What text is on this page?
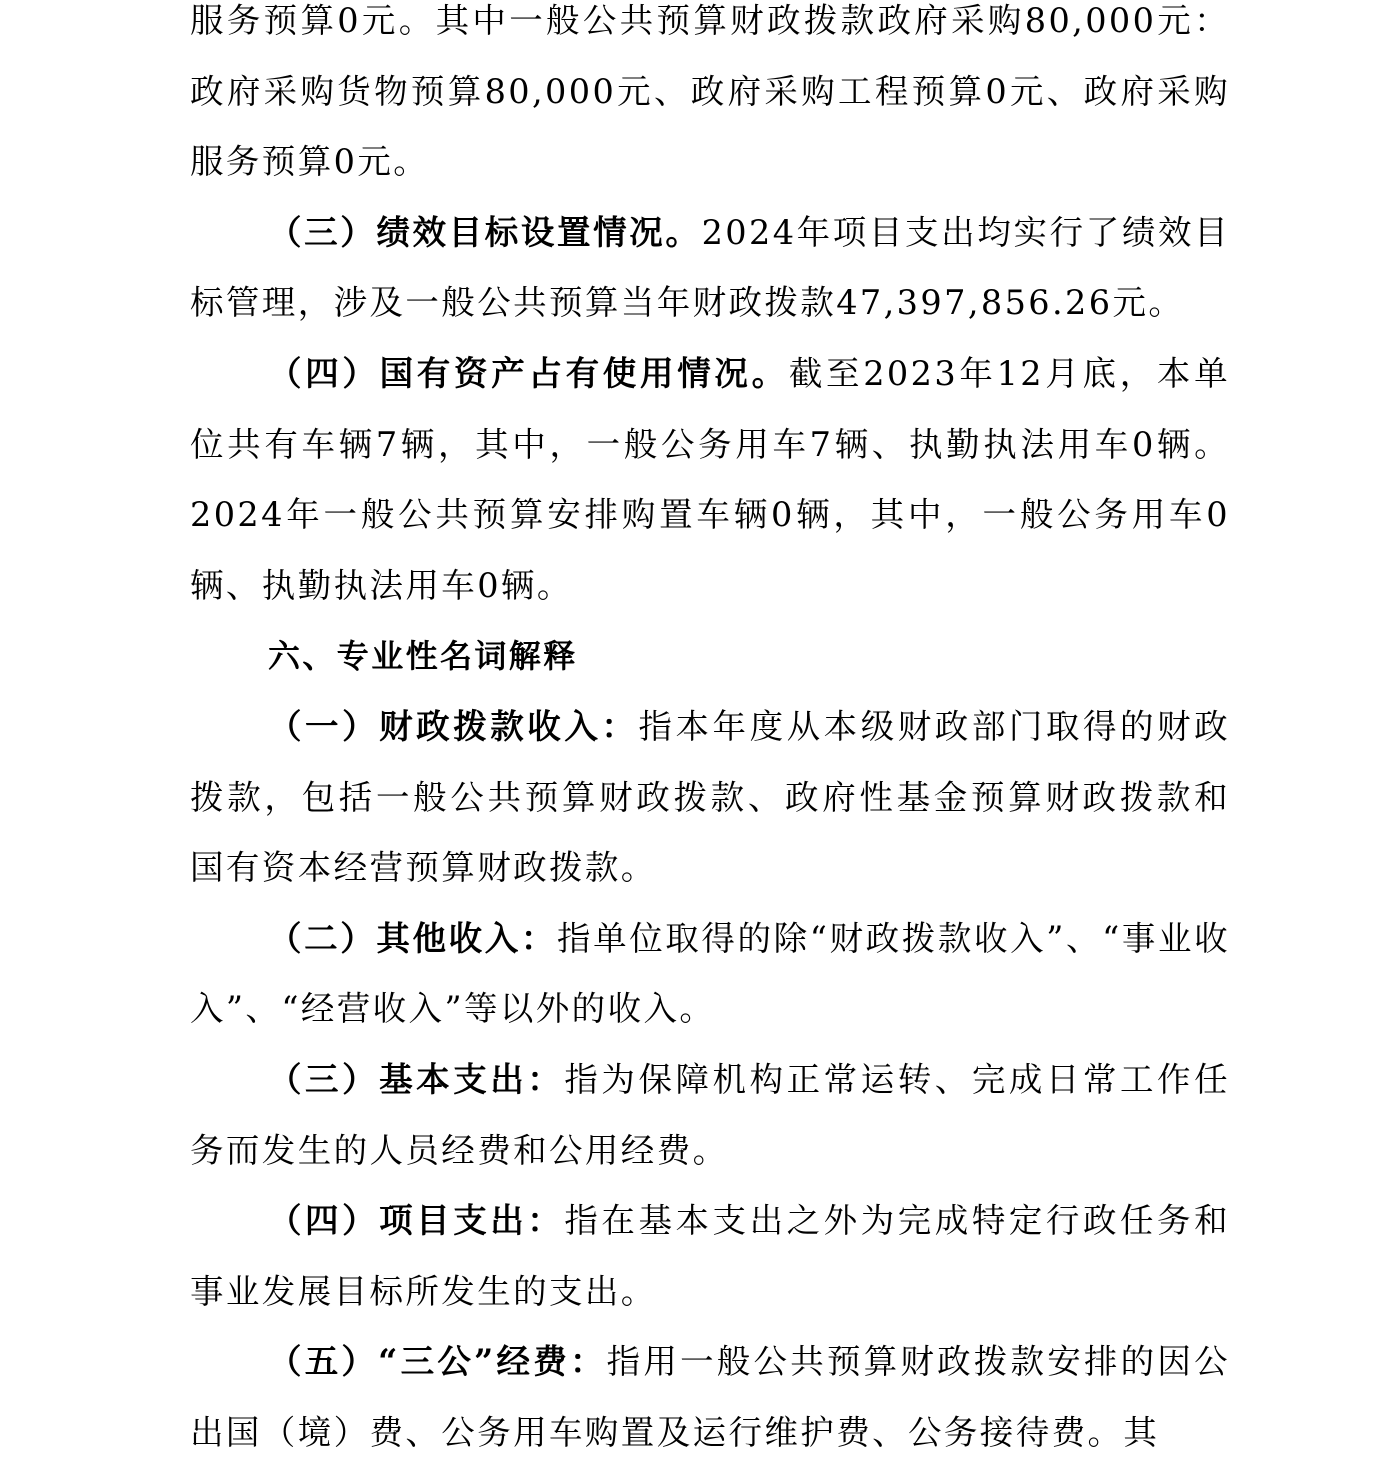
服务预算0元。其中一般公共预算财政拨款政府采购80,000元：政府采购货物预算80,000元、政府采购工程预算0元、政府采购服务预算0元。

（三）绩效目标设置情况。2024年项目支出均实行了绩效目标管理，涉及一般公共预算当年财政拨款47,397,856.26元。

（四）国有资产占有使用情况。截至2023年12月底，本单位共有车辆7辆，其中，一般公务用车7辆、执勤执法用车0辆。2024年一般公共预算安排购置车辆0辆，其中，一般公务用车0辆、执勤执法用车0辆。

六、专业性名词解释

（一）财政拨款收入：指本年度从本级财政部门取得的财政拨款，包括一般公共预算财政拨款、政府性基金预算财政拨款和国有资本经营预算财政拨款。

（二）其他收入：指单位取得的除“财政拨款收入”、“事业收入”、“经营收入”等以外的收入。

（三）基本支出：指为保障机构正常运转、完成日常工作任务而发生的人员经费和公用经费。

（四）项目支出：指在基本支出之外为完成特定行政任务和事业发展目标所发生的支出。

（五）“三公”经费：指用一般公共预算财政拨款安排的因公出国（境）费、公务用车购置及运行维护费、公务接待费。其
